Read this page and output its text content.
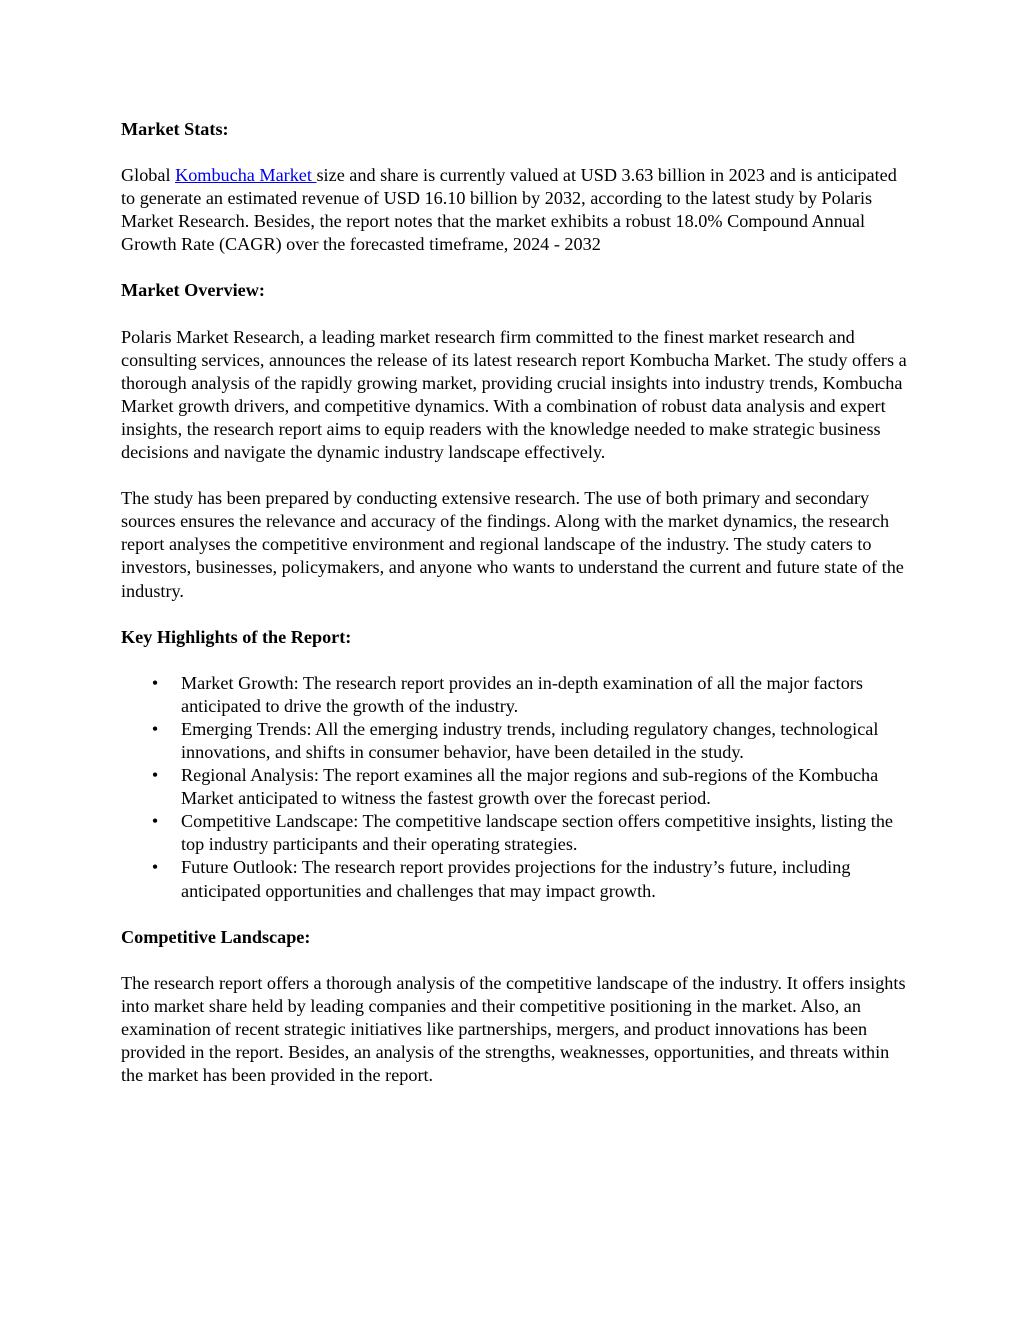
Market Stats:
Global Kombucha Market size and share is currently valued at USD 3.63 billion in 2023 and is anticipated to generate an estimated revenue of USD 16.10 billion by 2032, according to the latest study by Polaris Market Research. Besides, the report notes that the market exhibits a robust 18.0% Compound Annual Growth Rate (CAGR) over the forecasted timeframe, 2024 - 2032
Market Overview:
Polaris Market Research, a leading market research firm committed to the finest market research and consulting services, announces the release of its latest research report Kombucha Market. The study offers a thorough analysis of the rapidly growing market, providing crucial insights into industry trends, Kombucha Market growth drivers, and competitive dynamics. With a combination of robust data analysis and expert insights, the research report aims to equip readers with the knowledge needed to make strategic business decisions and navigate the dynamic industry landscape effectively.
The study has been prepared by conducting extensive research. The use of both primary and secondary sources ensures the relevance and accuracy of the findings. Along with the market dynamics, the research report analyses the competitive environment and regional landscape of the industry. The study caters to investors, businesses, policymakers, and anyone who wants to understand the current and future state of the industry.
Key Highlights of the Report:
•	Market Growth: The research report provides an in-depth examination of all the major factors anticipated to drive the growth of the industry.
•	Emerging Trends: All the emerging industry trends, including regulatory changes, technological innovations, and shifts in consumer behavior, have been detailed in the study.
•	Regional Analysis: The report examines all the major regions and sub-regions of the Kombucha Market anticipated to witness the fastest growth over the forecast period.
•	Competitive Landscape: The competitive landscape section offers competitive insights, listing the top industry participants and their operating strategies.
•	Future Outlook: The research report provides projections for the industry’s future, including anticipated opportunities and challenges that may impact growth.
Competitive Landscape:
The research report offers a thorough analysis of the competitive landscape of the industry. It offers insights into market share held by leading companies and their competitive positioning in the market. Also, an examination of recent strategic initiatives like partnerships, mergers, and product innovations has been provided in the report. Besides, an analysis of the strengths, weaknesses, opportunities, and threats within the market has been provided in the report.
